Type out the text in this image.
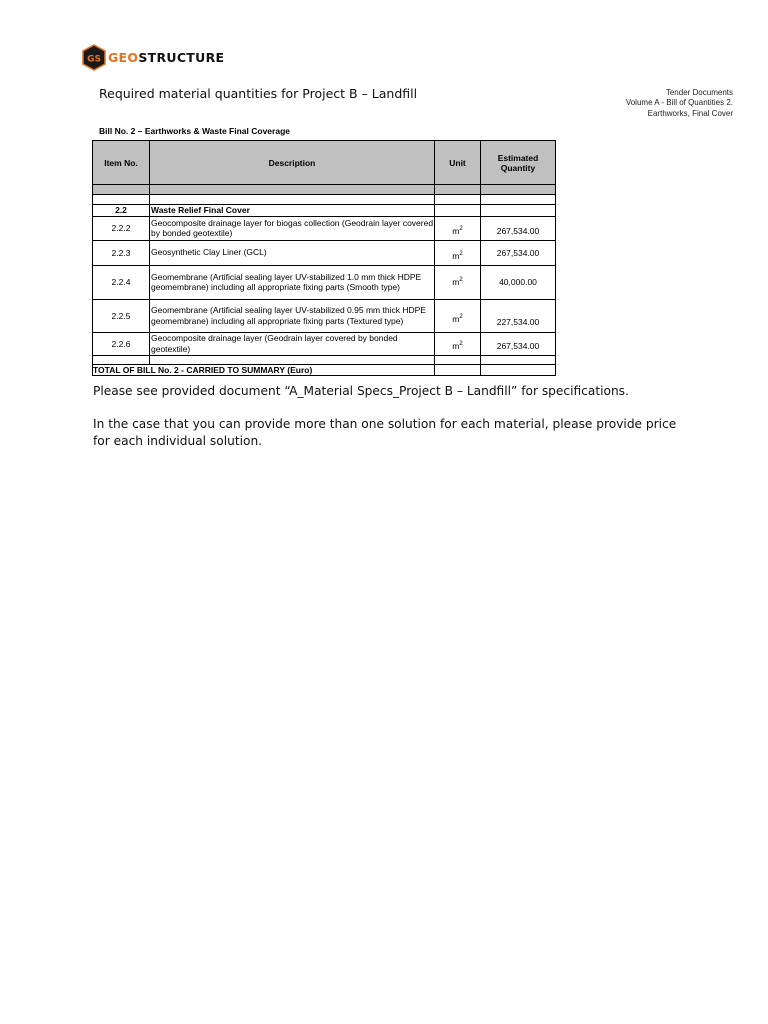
GS GEOSTRUCTURE
Required material quantities for Project B – Landfill	Tender Documents
Volume A - Bill of Quantities 2.
Earthworks, Final Cover
Bill No. 2 – Earthworks & Waste Final Coverage
Item No.	Description	Unit	Estimated
Quantity

2.2	Waste Relief Final Cover		
2.2.2	Geocomposite drainage layer for biogas collection (Geodrain layer covered by bonded geotextile)	$m^2$	267,534.00
2.2.3	Geosynthetic Clay Liner (GCL)	$m^2$	267,534.00
2.2.4	Geomembrane (Artificial sealing layer UV-stabilized 1.0 mm thick HDPE geomembrane) including all appropriate fixing parts (Smooth type)	$m^2$	40,000.00
2.2.5	Geomembrane (Artificial sealing layer UV-stabilized 0.95 mm thick HDPE geomembrane) including all appropriate fixing parts (Textured type)	$m^2$	227,534.00
2.2.6	Geocomposite drainage layer (Geodrain layer covered by bonded geotextile)	$m^2$	267,534.00

TOTAL OF BILL No. 2 - CARRIED TO SUMMARY (Euro)			
Please see provided document “A_Material Specs_Project B – Landfill” for specifications.
In the case that you can provide more than one solution for each material, please provide price for each individual solution.
